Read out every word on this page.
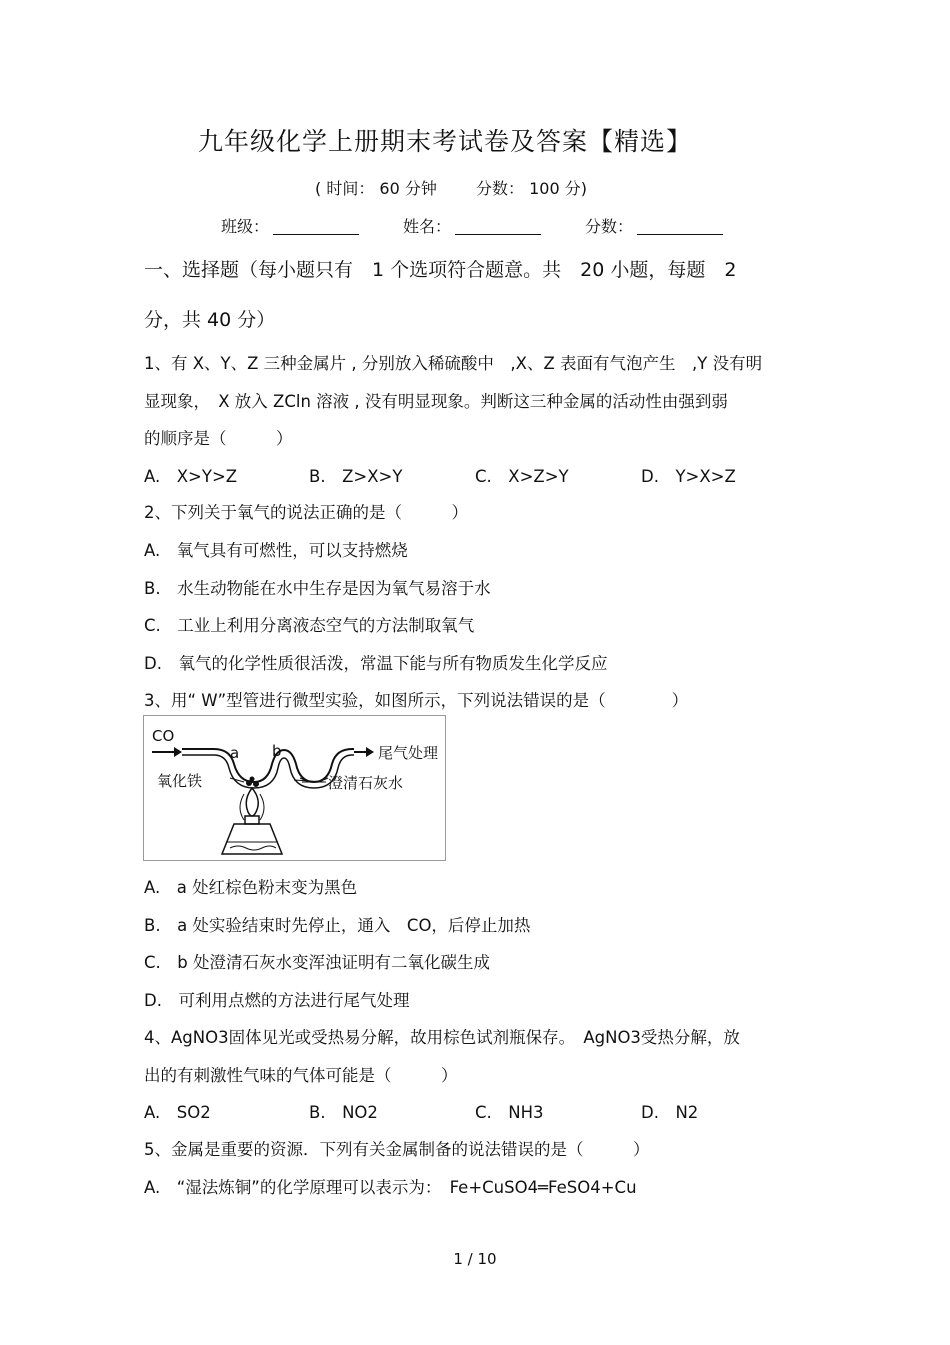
九年级化学上册期末考试卷及答案【精选】
( 时间： 60 分钟 分数： 100 分)
班级：	姓名：	分数：
一、选择题（每小题只有　1 个选项符合题意。共　20 小题，每题　2
分，共 40 分）
1、有 X、Y、Z 三种金属片 , 分别放入稀硫酸中　,X、Z 表面有气泡产生　,Y 没有明
显现象，　X 放入 ZCln 溶液 , 没有明显现象。判断这三种金属的活动性由强到弱
的顺序是（　　　）
A.　X>Y>Z	B.　Z>X>Y	C.　X>Z>Y	D.　Y>X>Z
2、下列关于氧气的说法正确的是（　　　）
A.　氧气具有可燃性，可以支持燃烧
B.　水生动物能在水中生存是因为氧气易溶于水
C.　工业上利用分离液态空气的方法制取氧气
D.　氧气的化学性质很活泼，常温下能与所有物质发生化学反应
3、用“ W”型管进行微型实验，如图所示，下列说法错误的是（　　　　）
CO
a b	尾气处理
氧化铁	澄清石灰水
A.　a 处红棕色粉末变为黑色
B.　a 处实验结束时先停止，通入　CO，后停止加热
C.　b 处澄清石灰水变浑浊证明有二氧化碳生成
D.　可利用点燃的方法进行尾气处理
4、AgNO3固体见光或受热易分解，故用棕色试剂瓶保存。　AgNO3受热分解，放
出的有刺激性气味的气体可能是（　　　）
A.　SO2	B.　NO2	C.　NH3	D.　N2
5、金属是重要的资源．下列有关金属制备的说法错误的是（　　　）
A.　“湿法炼铜”的化学原理可以表示为：　Fe+CuSO4═FeSO4+Cu
1 / 10
